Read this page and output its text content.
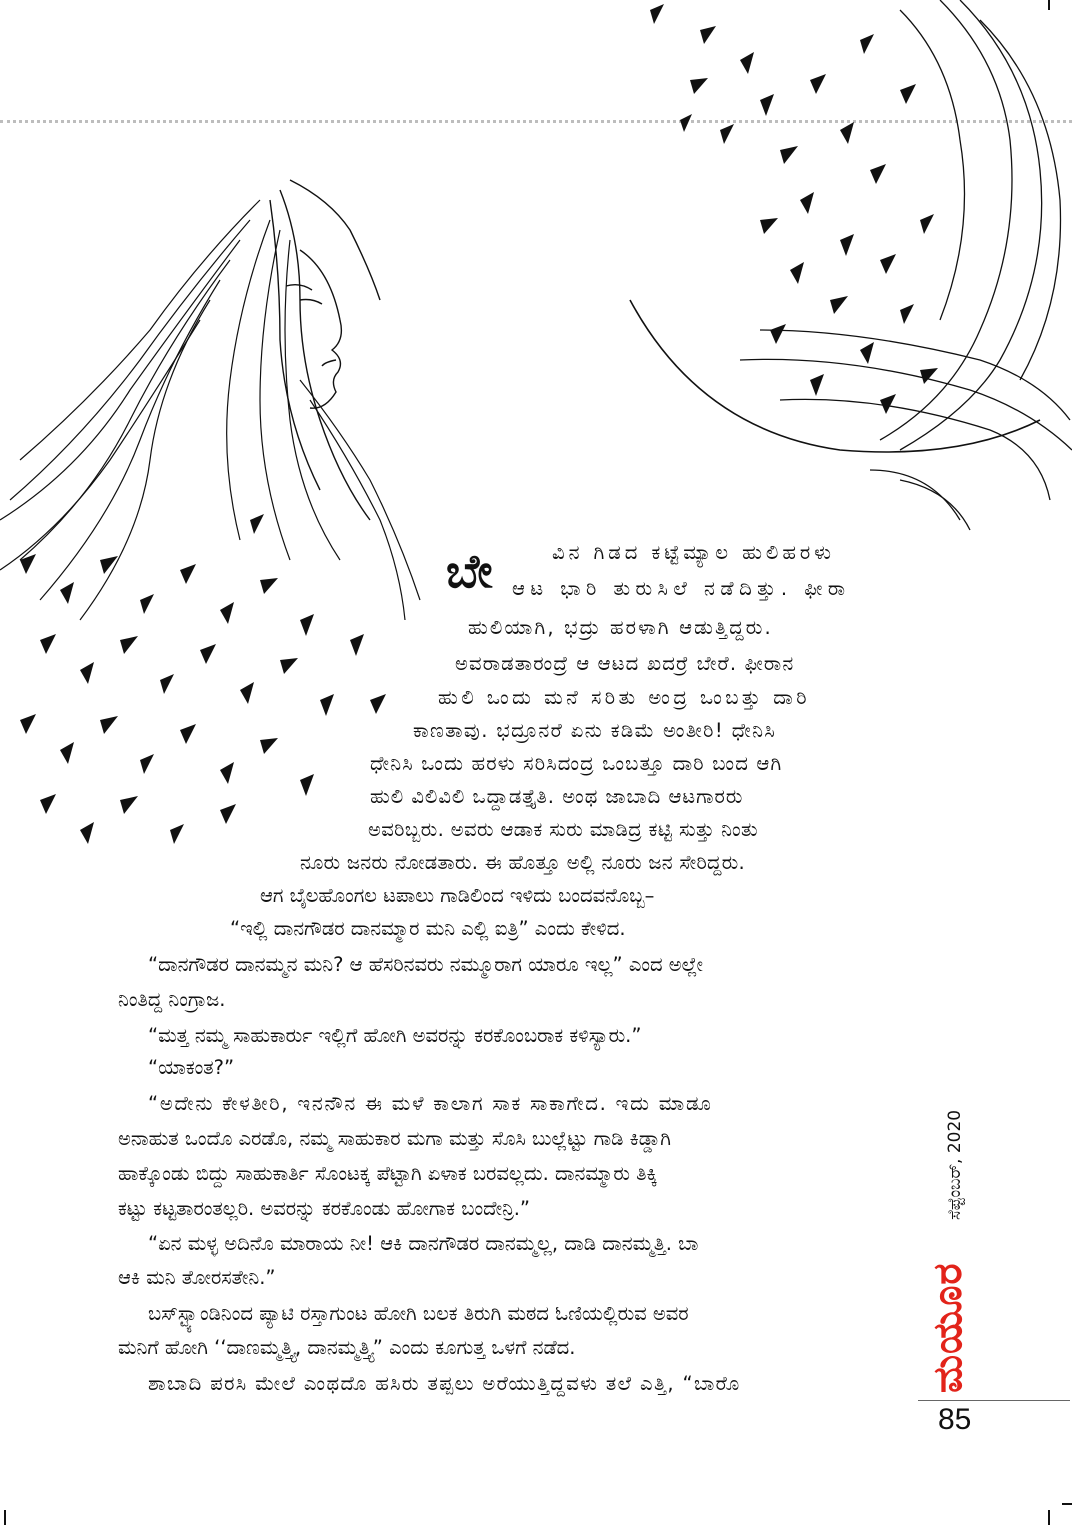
ಬೇ	ವಿನ ಗಿಡದ ಕಟ್ಟೆಮ್ಯಾಲ ಹುಲಿಹರಳು

ಆಟ ಭಾರಿ ತುರುಸಿಲೆ ನಡೆದಿತ್ತು. ಫೀರಾ

ಹುಲಿಯಾಗಿ, ಭದ್ರು ಹರಳಾಗಿ ಆಡುತ್ತಿದ್ದರು.

ಅವರಾಡತಾರಂದ್ರೆ ಆ ಆಟದ ಖದರ್ರೆ ಬೇರೆ. ಫೀರಾನ

ಹುಲಿ ಒಂದು ಮನೆ ಸರಿತು ಅಂದ್ರ ಒಂಬತ್ತು ದಾರಿ

ಕಾಣತಾವು. ಭದ್ರೂನರೆ ಏನು ಕಡಿಮೆ ಅಂತೀರಿ! ಧೇನಿಸಿ

ಧೇನಿಸಿ ಒಂದು ಹರಳು ಸರಿಸಿದಂದ್ರ ಒಂಬತ್ತೂ ದಾರಿ ಬಂದ ಆಗಿ

ಹುಲಿ ವಿಲಿವಿಲಿ ಒದ್ದಾಡತ್ತೈತಿ. ಅಂಥ ಜಾಬಾದಿ ಆಟಗಾರರು

ಅವರಿಬ್ಬರು. ಅವರು ಆಡಾಕ ಸುರು ಮಾಡಿದ್ರ ಕಟ್ಟಿ ಸುತ್ತು ನಿಂತು

ನೂರು ಜನರು ನೋಡತಾರು. ಈ ಹೊತ್ತೂ ಅಲ್ಲಿ ನೂರು ಜನ ಸೇರಿದ್ದರು.

ಆಗ ಬೈಲಹೊಂಗಲ ಟಪಾಲು ಗಾಡಿಲಿಂದ ಇಳಿದು ಬಂದವನೊಬ್ಬ–

“ಇಲ್ಲಿ ದಾನಗೌಡರ ದಾನಮ್ಮಾರ ಮನಿ ಎಲ್ಲಿ ಐತ್ರಿ” ಎಂದು ಕೇಳಿದ.

“ದಾನಗೌಡರ ದಾನಮ್ಮನ ಮನಿ? ಆ ಹೆಸರಿನವರು ನಮ್ಮೂರಾಗ ಯಾರೂ ಇಲ್ಲ” ಎಂದ ಅಲ್ಲೇ

ನಿಂತಿದ್ದ ನಿಂಗ್ರಾಜ.

“ಮತ್ತ ನಮ್ಮ ಸಾಹುಕಾರ್ರು ಇಲ್ಲಿಗೆ ಹೋಗಿ ಅವರನ್ನು ಕರಕೊಂಬರಾಕ ಕಳಿಸ್ಯಾರು.”

“ಯಾಕಂತ?”

“ಅದೇನು ಕೇಳತೀರಿ, ಇನನೌನ ಈ ಮಳೆ ಕಾಲಾಗ ಸಾಕ ಸಾಕಾಗೇದ. ಇದು ಮಾಡೂ

ಅನಾಹುತ ಒಂದೊ ಎರಡೊ, ನಮ್ಮ ಸಾಹುಕಾರ ಮಗಾ ಮತ್ತು ಸೊಸಿ ಬುಲ್ಲೆಟ್ಟು ಗಾಡಿ ಕಿಡ್ಡಾಗಿ

ಹಾಕ್ಕೊಂಡು ಬಿದ್ದು ಸಾಹುಕಾರ್ತಿ ಸೊಂಟಕ್ಕ ಪೆಟ್ಟಾಗಿ ಏಳಾಕ ಬರವಲ್ಲದು. ದಾನಮ್ಮಾರು ತಿಕ್ಕಿ

ಕಟ್ಟು ಕಟ್ಟತಾರಂತಲ್ಲರಿ. ಅವರನ್ನು ಕರಕೊಂಡು ಹೋಗಾಕ ಬಂದೇನ್ರಿ.”

“ಏನ ಮಳ್ಳ ಅದಿನೊ ಮಾರಾಯ ನೀ! ಆಕಿ ದಾನಗೌಡರ ದಾನಮ್ಮಲ್ಲ, ದಾಡಿ ದಾನಮ್ಮತ್ತಿ. ಬಾ

ಆಕಿ ಮನಿ ತೋರಸತೇನಿ.”

ಬಸ್‌ಸ್ಟ್ಯಾಂಡಿನಿಂದ ಪ್ಯಾಟಿ ರಸ್ತಾಗುಂಟ ಹೋಗಿ ಬಲಕ ತಿರುಗಿ ಮಠದ ಓಣಿಯಲ್ಲಿರುವ ಅವರ

ಮನಿಗೆ ಹೋಗಿ ‘‘ದಾಣಮ್ಮತ್ತ್ಯಿ, ದಾನಮ್ಮತ್ತ್ಯಿ” ಎಂದು ಕೂಗುತ್ತ ಒಳಗೆ ನಡೆದ.

ಶಾಬಾದಿ ಪರಸಿ ಮೇಲೆ ಎಂಥದೊ ಹಸಿರು ತಪ್ಪಲು ಅರೆಯುತ್ತಿದ್ದವಳು ತಲೆ ಎತ್ತಿ, “ಬಾರೊ

ಸೆಪ್ಟೆಂಬರ್, 2020
ಮಯೂರ
85
